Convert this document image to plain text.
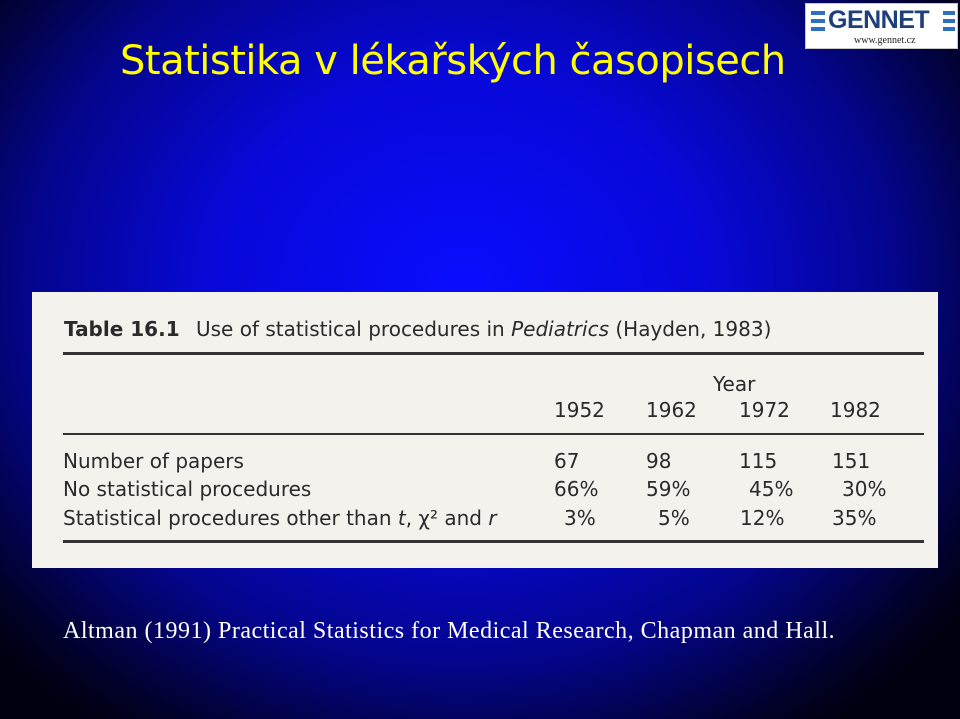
Statistika v lékařských časopisech
GENNET
www.gennet.cz
Table 16.1 Use of statistical procedures in Pediatrics (Hayden, 1983)
Year
1952 1962 1972 1982
Number of papers	67	98	115	151
No statistical procedures	66% 59%	45% 30%
Statistical procedures other than t, χ² and r	3%	5%	12% 35%
Altman (1991) Practical Statistics for Medical Research, Chapman and Hall.
